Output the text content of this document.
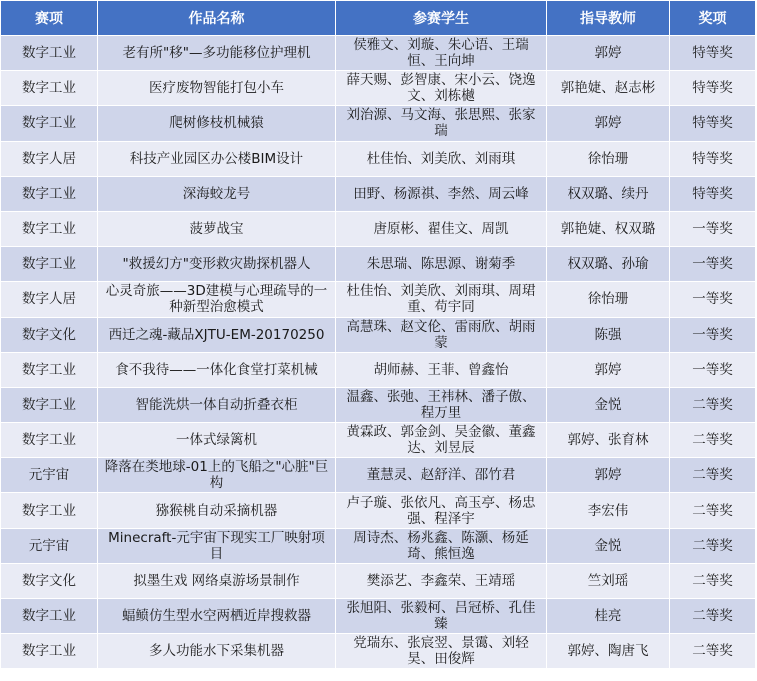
赛项	作品名称	参赛学生	指导教师	奖项
数字工业	老有所"移"—多功能移位护理机	侯雅文、刘璇、朱心语、王瑞恒、王向坤	郭婷	特等奖
数字工业	医疗废物智能打包小车	薛天赐、彭智康、宋小云、饶逸文、刘栋樾	郭艳婕、赵志彬	特等奖
数字工业	爬树修枝机械猿	刘治源、马文海、张思熙、张家瑞	郭婷	特等奖
数字人居	科技产业园区办公楼BIM设计	杜佳怡、刘美欣、刘雨琪	徐怡珊	特等奖
数字工业	深海蛟龙号	田野、杨源祺、李然、周云峰	权双璐、续丹	特等奖
数字工业	菠萝战宝	唐原彬、翟佳文、周凯	郭艳婕、权双璐	一等奖
数字工业	"救援幻方"变形救灾勘探机器人	朱思瑞、陈思源、谢菊季	权双璐、孙瑜	一等奖
数字人居	心灵奇旅——3D建模与心理疏导的一种新型治愈模式	杜佳怡、刘美欣、刘雨琪、周珺重、苟宇同	徐怡珊	一等奖
数字文化	西迁之魂-藏品XJTU-EM-20170250	高慧珠、赵文伦、雷雨欣、胡雨蒙	陈强	一等奖
数字工业	食不我待——一体化食堂打菜机械	胡师赫、王菲、曾鑫怡	郭婷	一等奖
数字工业	智能洗烘一体自动折叠衣柜	温鑫、张弛、王祎林、潘子傲、程万里	金悦	二等奖
数字工业	一体式绿篱机	黄霖政、郭金剑、吴金徽、董鑫达、刘昱辰	郭婷、张育林	二等奖
元宇宙	降落在类地球-01上的飞船之"心脏"巨构	董慧灵、赵舒洋、邵竹君	郭婷	二等奖
数字工业	猕猴桃自动采摘机器	卢子璇、张依凡、高玉亭、杨忠强、程泽宇	李宏伟	二等奖
元宇宙	Minecraft-元宇宙下现实工厂映射项目	周诗杰、杨兆鑫、陈灏、杨延琦、熊恒逸	金悦	二等奖
数字文化	拟墨生戏 网络桌游场景制作	樊添艺、李鑫荣、王靖瑶	竺刘瑶	二等奖
数字工业	蝠鲼仿生型水空两栖近岸搜救器	张旭阳、张毅柯、吕冠桥、孔佳臻	桂亮	二等奖
数字工业	多人功能水下采集机器	党瑞东、张宸翌、景霭、刘轻昊、田俊辉	郭婷、陶唐飞	二等奖
